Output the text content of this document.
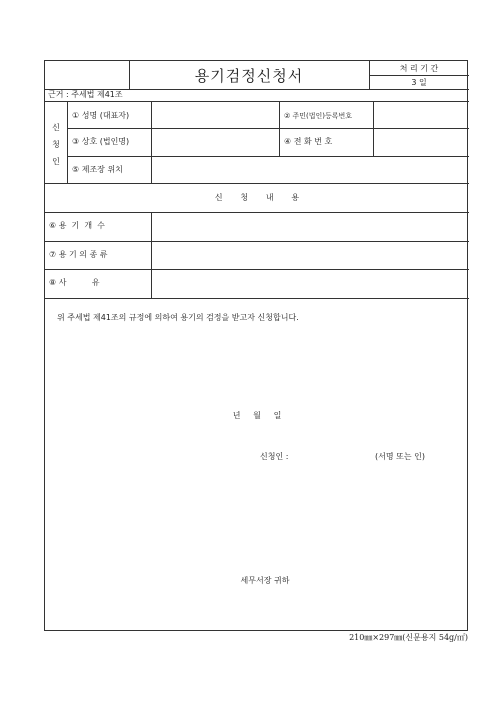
용기검정신청서	처 리 기 간
3 일
근거 : 주세법 제41조
신
청
인
① 성명 (대표자)	② 주민(법인)등록번호
③ 상호 (법인명)	④ 전 화 번 호
⑤ 제조장 위치
신       청       내       용
⑥ 용  기  개  수
⑦ 용 기 의 종 류
⑧ 사          유
위 주세법 제41조의 규정에 의하여 용기의 검정을 받고자 신청합니다.
년     월     일
신청인 :	(서명 또는 인)
세무서장 귀하
210㎜×297㎜(신문용지 54g/㎡)
